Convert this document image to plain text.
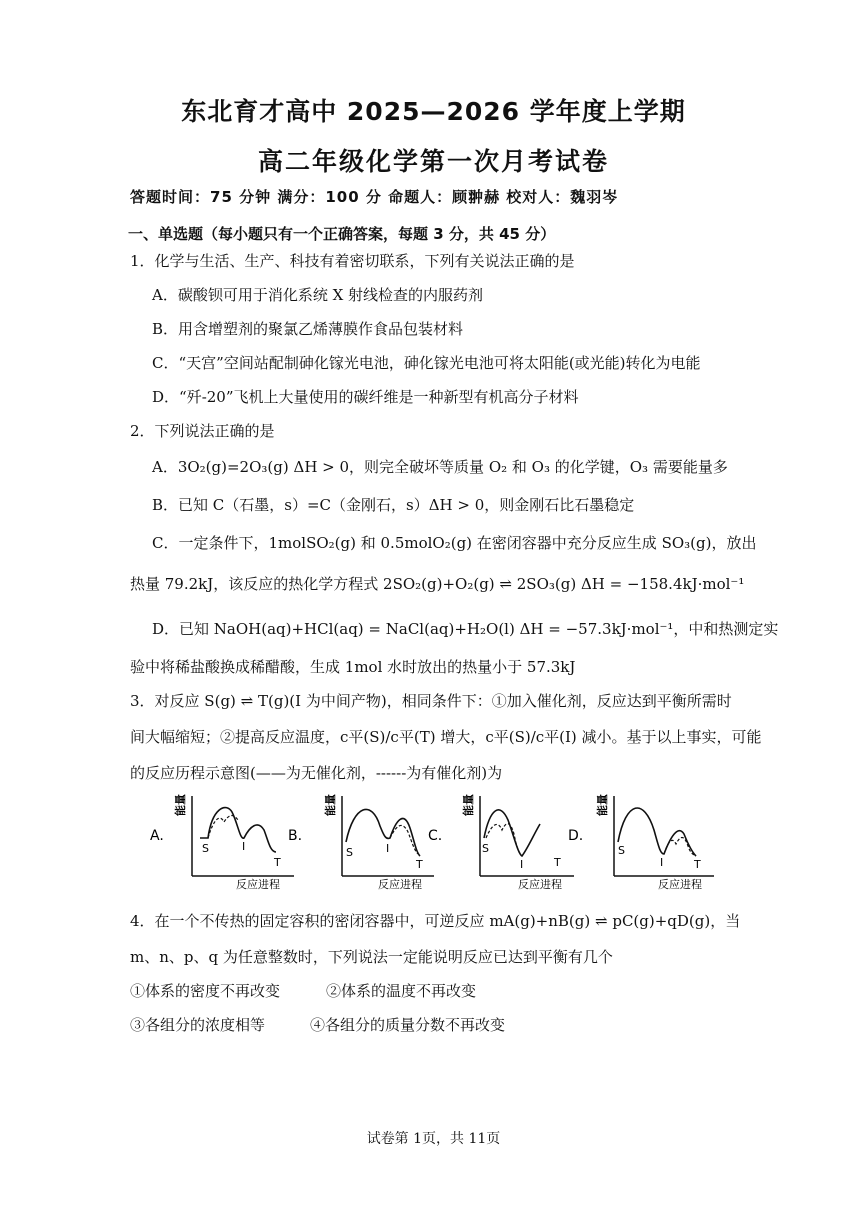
东北育才高中 2025—2026 学年度上学期
高二年级化学第一次月考试卷
答题时间：75 分钟 满分：100 分 命题人：顾翀赫 校对人：魏羽岑
一、单选题（每小题只有一个正确答案，每题 3 分，共 45 分）
1．化学与生活、生产、科技有着密切联系，下列有关说法正确的是
A．碳酸钡可用于消化系统 X 射线检查的内服药剂
B．用含增塑剂的聚氯乙烯薄膜作食品包装材料
C．“天宫”空间站配制砷化镓光电池，砷化镓光电池可将太阳能(或光能)转化为电能
D．“歼-20”飞机上大量使用的碳纤维是一种新型有机高分子材料
2．下列说法正确的是
A．3O₂(g)=2O₃(g) ΔH > 0，则完全破坏等质量 O₂ 和 O₃ 的化学键，O₃ 需要能量多
B．已知 C（石墨，s）=C（金刚石，s）ΔH > 0，则金刚石比石墨稳定
C．一定条件下，1molSO₂(g) 和 0.5molO₂(g) 在密闭容器中充分反应生成 SO₃(g)，放出
热量 79.2kJ，该反应的热化学方程式 2SO₂(g)+O₂(g) ⇌ 2SO₃(g) ΔH = −158.4kJ·mol⁻¹
D．已知 NaOH(aq)+HCl(aq) = NaCl(aq)+H₂O(l) ΔH = −57.3kJ·mol⁻¹，中和热测定实
验中将稀盐酸换成稀醋酸，生成 1mol 水时放出的热量小于 57.3kJ
3．对反应 S(g) ⇌ T(g)(I 为中间产物)，相同条件下：①加入催化剂，反应达到平衡所需时
间大幅缩短；②提高反应温度，c平(S)/c平(T) 增大，c平(S)/c平(I) 减小。基于以上事实，可能
的反应历程示意图(——为无催化剂，------为有催化剂)为
A.
能量
S	I
T
反应进程
B.
能量
S	I
T
反应进程
C.
能量
S
I	T
反应进程
D.
能量
S
I	T
反应进程
4．在一个不传热的固定容积的密闭容器中，可逆反应 mA(g)+nB(g) ⇌ pC(g)+qD(g)，当
m、n、p、q 为任意整数时，下列说法一定能说明反应已达到平衡有几个
①体系的密度不再改变	②体系的温度不再改变
③各组分的浓度相等	④各组分的质量分数不再改变
试卷第 1页，共 11页
